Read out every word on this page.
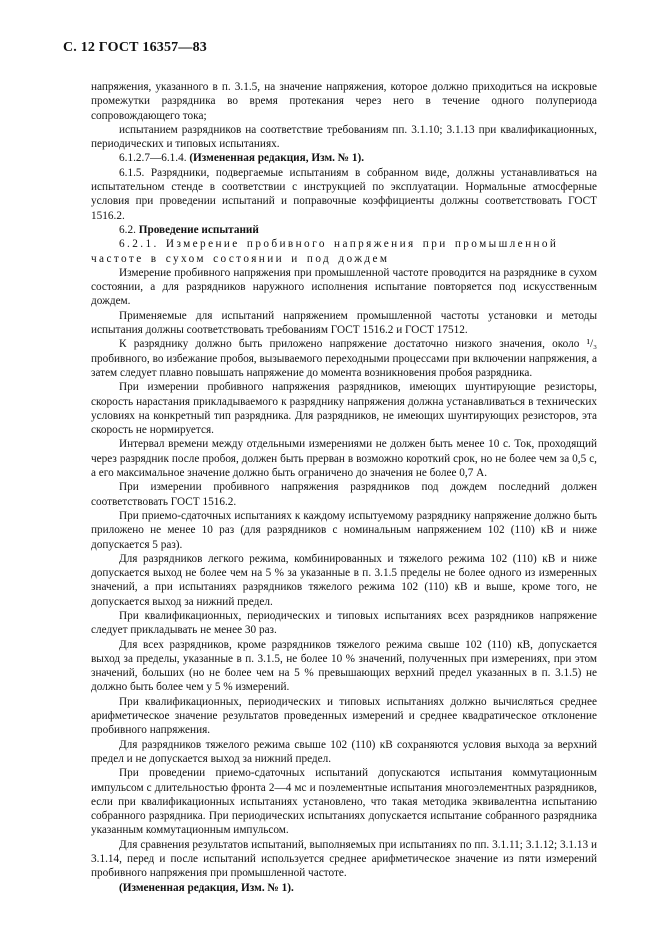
С. 12 ГОСТ 16357—83

напряжения, указанного в п. 3.1.5, на значение напряжения, которое должно приходиться на искровые промежутки разрядника во время протекания через него в течение одного полупериода сопровождающего тока;

испытанием разрядников на соответствие требованиям пп. 3.1.10; 3.1.13 при квалификационных, периодических и типовых испытаниях.

6.1.2.7—6.1.4. (Измененная редакция, Изм. № 1).

6.1.5. Разрядники, подвергаемые испытаниям в собранном виде, должны устанавливаться на испытательном стенде в соответствии с инструкцией по эксплуатации. Нормальные атмосферные условия при проведении испытаний и поправочные коэффициенты должны соответствовать ГОСТ 1516.2.

6.2. Проведение испытаний

6.2.1. Измерение пробивного напряжения при промышленной частоте в сухом состоянии и под дождем

Измерение пробивного напряжения при промышленной частоте проводится на разряднике в сухом состоянии, а для разрядников наружного исполнения испытание повторяется под искусственным дождем.

Применяемые для испытаний напряжением промышленной частоты установки и методы испытания должны соответствовать требованиям ГОСТ 1516.2 и ГОСТ 17512.

К разряднику должно быть приложено напряжение достаточно низкого значения, около ¹/₃ пробивного, во избежание пробоя, вызываемого переходными процессами при включении напряжения, а затем следует плавно повышать напряжение до момента возникновения пробоя разрядника.

При измерении пробивного напряжения разрядников, имеющих шунтирующие резисторы, скорость нарастания прикладываемого к разряднику напряжения должна устанавливаться в технических условиях на конкретный тип разрядника. Для разрядников, не имеющих шунтирующих резисторов, эта скорость не нормируется.

Интервал времени между отдельными измерениями не должен быть менее 10 с. Ток, проходящий через разрядник после пробоя, должен быть прерван в возможно короткий срок, но не более чем за 0,5 с, а его максимальное значение должно быть ограничено до значения не более 0,7 А.

При измерении пробивного напряжения разрядников под дождем последний должен соответствовать ГОСТ 1516.2.

При приемо-сдаточных испытаниях к каждому испытуемому разряднику напряжение должно быть приложено не менее 10 раз (для разрядников с номинальным напряжением 102 (110) кВ и ниже допускается 5 раз).

Для разрядников легкого режима, комбинированных и тяжелого режима 102 (110) кВ и ниже допускается выход не более чем на 5 % за указанные в п. 3.1.5 пределы не более одного из измеренных значений, а при испытаниях разрядников тяжелого режима 102 (110) кВ и выше, кроме того, не допускается выход за нижний предел.

При квалификационных, периодических и типовых испытаниях всех разрядников напряжение следует прикладывать не менее 30 раз.

Для всех разрядников, кроме разрядников тяжелого режима свыше 102 (110) кВ, допускается выход за пределы, указанные в п. 3.1.5, не более 10 % значений, полученных при измерениях, при этом значений, больших (но не более чем на 5 % превышающих верхний предел указанных в п. 3.1.5) не должно быть более чем у 5 % измерений.

При квалификационных, периодических и типовых испытаниях должно вычисляться среднее арифметическое значение результатов проведенных измерений и среднее квадратическое отклонение пробивного напряжения.

Для разрядников тяжелого режима свыше 102 (110) кВ сохраняются условия выхода за верхний предел и не допускается выход за нижний предел.

При проведении приемо-сдаточных испытаний допускаются испытания коммутационным импульсом с длительностью фронта 2—4 мс и поэлементные испытания многоэлементных разрядников, если при квалификационных испытаниях установлено, что такая методика эквивалентна испытанию собранного разрядника. При периодических испытаниях допускается испытание собранного разрядника указанным коммутационным импульсом.

Для сравнения результатов испытаний, выполняемых при испытаниях по пп. 3.1.11; 3.1.12; 3.1.13 и 3.1.14, перед и после испытаний используется среднее арифметическое значение из пяти измерений пробивного напряжения при промышленной частоте.

(Измененная редакция, Изм. № 1).
